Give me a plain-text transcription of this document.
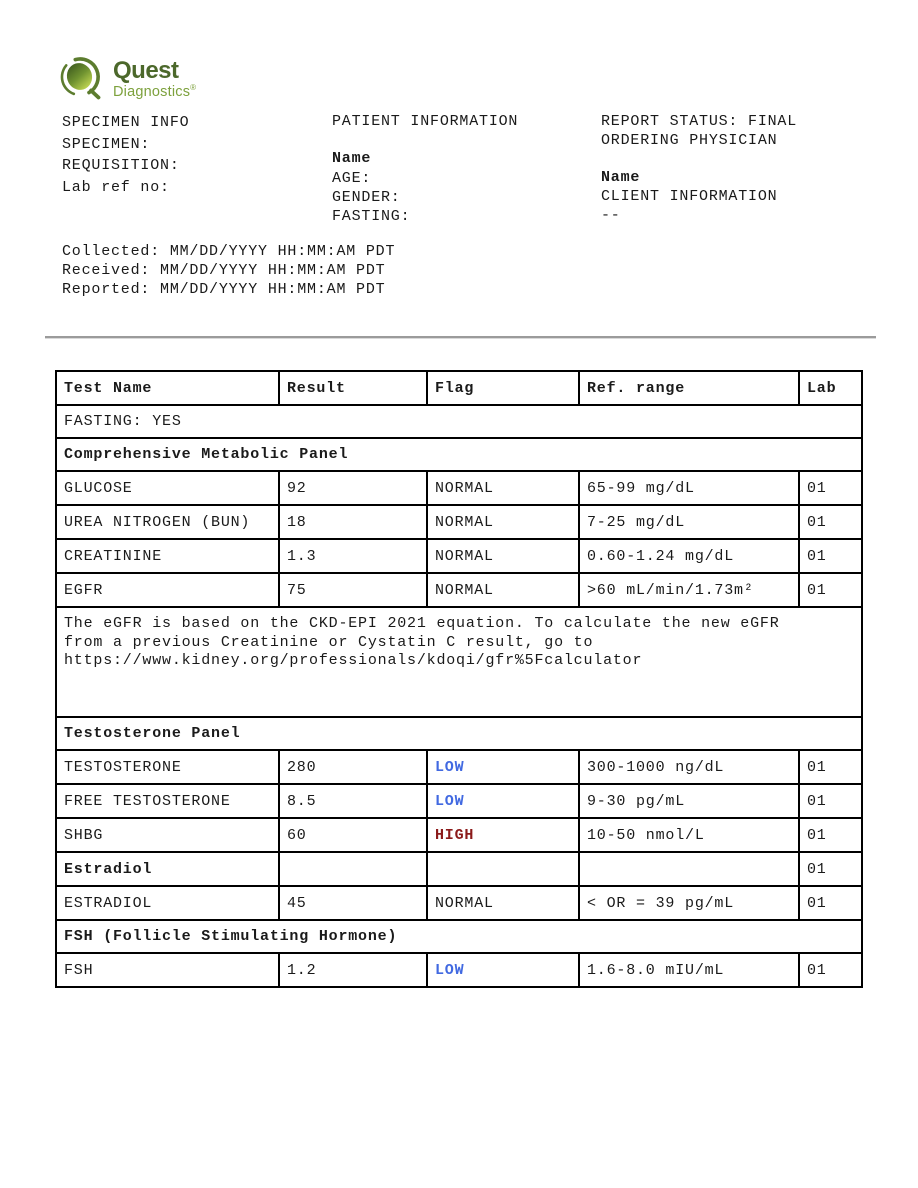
Quest
Diagnostics®
SPECIMEN INFO
SPECIMEN:
REQUISITION:
Lab ref no:
PATIENT INFORMATION
Name
AGE:
GENDER:
FASTING:
REPORT STATUS: FINAL
ORDERING PHYSICIAN
Name
CLIENT INFORMATION
--
Collected: MM/DD/YYYY HH:MM:AM PDT
Received: MM/DD/YYYY HH:MM:AM PDT
Reported: MM/DD/YYYY HH:MM:AM PDT
Test Name	Result	Flag	Ref. range	Lab
FASTING: YES				
Comprehensive Metabolic Panel				
GLUCOSE	92	NORMAL	65-99 mg/dL	01
UREA NITROGEN (BUN)	18	NORMAL	7-25 mg/dL	01
CREATININE	1.3	NORMAL	0.60-1.24 mg/dL	01
EGFR	75	NORMAL	>60 mL/min/1.73m²	01

The eGFR is based on the CKD-EPI 2021 equation. To calculate the new eGFR
from a previous Creatinine or Cystatin C result, go to
https://www.kidney.org/professionals/kdoqi/gfr%5Fcalculator				

Testosterone Panel				
TESTOSTERONE	280	LOW	300-1000 ng/dL	01
FREE TESTOSTERONE	8.5	LOW	9-30 pg/mL	01
SHBG	60	HIGH	10-50 nmol/L	01
Estradiol				01
ESTRADIOL	45	NORMAL	< OR = 39 pg/mL	01
FSH (Follicle Stimulating Hormone)				
FSH	1.2	LOW	1.6-8.0 mIU/mL	01
